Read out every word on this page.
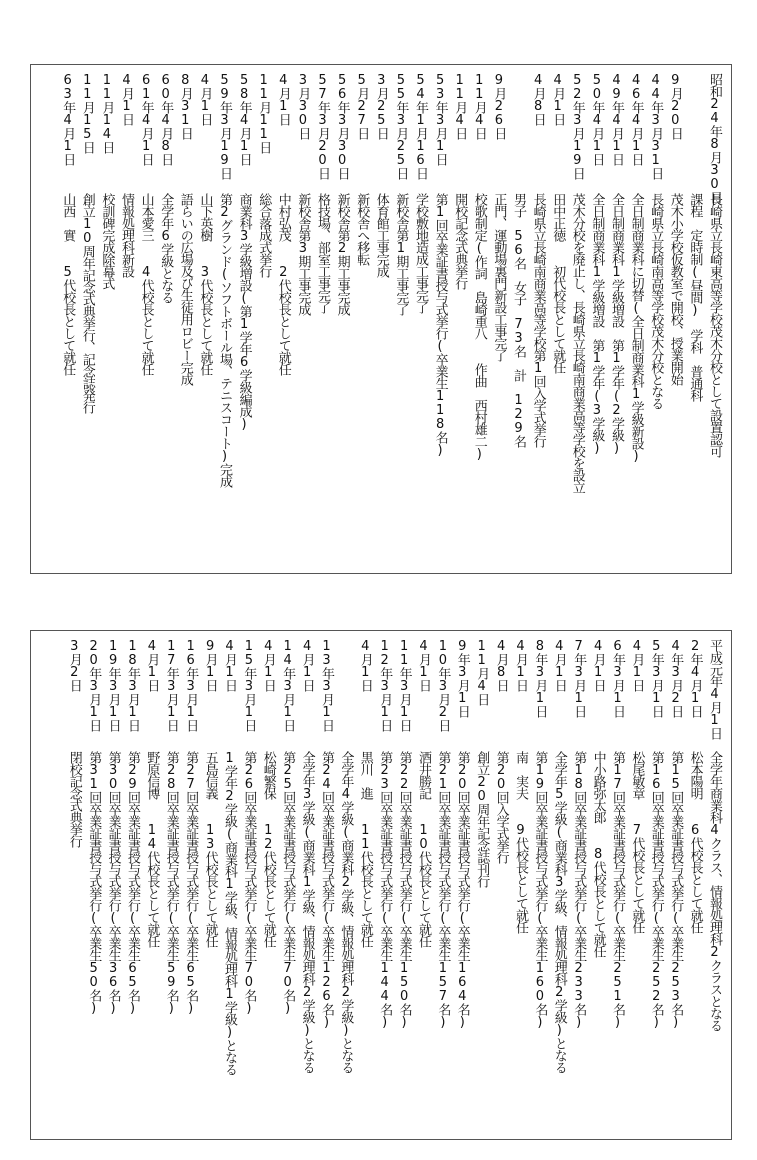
昭和24年8月30日
長崎県立長崎東高等学校茂木分校として設置認可
課程　定時制(昼間)　学科　普通科
9月20日
茂木小学校仮教室で開校、授業開始
44年3月31日
長崎県立長崎南高等学校茂木分校となる
46年4月1日
全日制商業科に切替(全日制商業科1学級新設)
49年4月1日
全日制商業科1学級増設　第1学年(2学級)
50年4月1日
全日制商業科1学級増設　第1学年(3学級)
52年3月19日
茂木分校を廃止し、長崎県立長崎南商業高等学校を設立
4月1日
田中正徳　　初代校長として就任
4月8日
長崎県立長崎南商業高等学校第1回入学式挙行
男子　56名　女子　73名　計　129名
9月26日
正門、運動場裏門新設工事完了
11月4日
校歌制定(作詞　島崎重八　　作曲　西村雄二)
11月4日
開校記念式典挙行
53年3月1日
第1回卒業証書授与式挙行(卒業生118名)
54年1月16日
学校敷地造成工事完了
55年3月25日
新校舎第1期工事完了
3月25日
体育館工事完成
5月27日
新校舎へ移転
56年3月30日
新校舎第2期工事完成
57年3月20日
格技場、部室工事完了
3月30日
新校舎第3期工事完成
4月1日
中村弘茂　　2代校長として就任
11月11日
総合落成式挙行
58年4月1日
商業科3学級増設(第1学年6学級編成)
59年3月19日
第2グランド(ソフトボール場、テニスコート)完成
4月1日
山下英樹　　3代校長として就任
8月31日
語らいの広場及び生徒用ロビー完成
60年4月8日
全学年6学級となる
61年4月1日
山本愛三　　4代校長として就任
4月1日
情報処理科新設
11月14日
校訓碑完成除幕式
11月15日
創立10周年記念式典挙行、記念誌発行
63年4月1日
山西　實　　5代校長として就任
平成元年4月1日
全学年商業科4クラス、情報処理科2クラスとなる
2年4月1日
松本陽明　　6代校長として就任
4年3月2日
第15回卒業証書授与式挙行(卒業生253名)
5年3月1日
第16回卒業証書授与式挙行(卒業生252名)
4月1日
松尾敏章　　7代校長として就任
6年3月1日
第17回卒業証書授与式挙行(卒業生251名)
4月1日
中小路弥太郎　　8代校長として就任
7年3月1日
第18回卒業証書授与式挙行(卒業生233名)
4月1日
全学年5学級(商業科3学級、情報処理科2学級)となる
8年3月1日
第19回卒業証書授与式挙行(卒業生160名)
4月1日
南　実夫　　9代校長として就任
4月8日
第20回入学式挙行
11月4日
創立20周年記念誌刊行
9年3月1日
第20回卒業証書授与式挙行(卒業生164名)
10年3月2日
第21回卒業証書授与式挙行(卒業生157名)
4月1日
酒井勝記　　10代校長として就任
11年3月1日
第22回卒業証書授与式挙行(卒業生150名)
12年3月1日
第23回卒業証書授与式挙行(卒業生144名)
4月1日
黒川　進　　11代校長として就任
全学年4学級(商業科2学級、情報処理科2学級)となる
13年3月1日
第24回卒業証書授与式挙行(卒業生126名)
4月1日
全学年3学級(商業科1学級、情報処理科2学級)となる
14年3月1日
第25回卒業証書授与式挙行(卒業生70名)
4月1日
松崎繁保　　12代校長として就任
15年3月1日
第26回卒業証書授与式挙行(卒業生70名)
4月1日
1学年2学級(商業科1学級、情報処理科1学級)となる
9月1日
五島信義　　13代校長として就任
16年3月1日
第27回卒業証書授与式挙行(卒業生65名)
17年3月1日
第28回卒業証書授与式挙行(卒業生59名)
4月1日
野原信博　　14代校長として就任
18年3月1日
第29回卒業証書授与式挙行(卒業生65名)
19年3月1日
第30回卒業証書授与式挙行(卒業生36名)
20年3月1日
第31回卒業証書授与式挙行(卒業生50名)
3月2日
閉校記念式典挙行
